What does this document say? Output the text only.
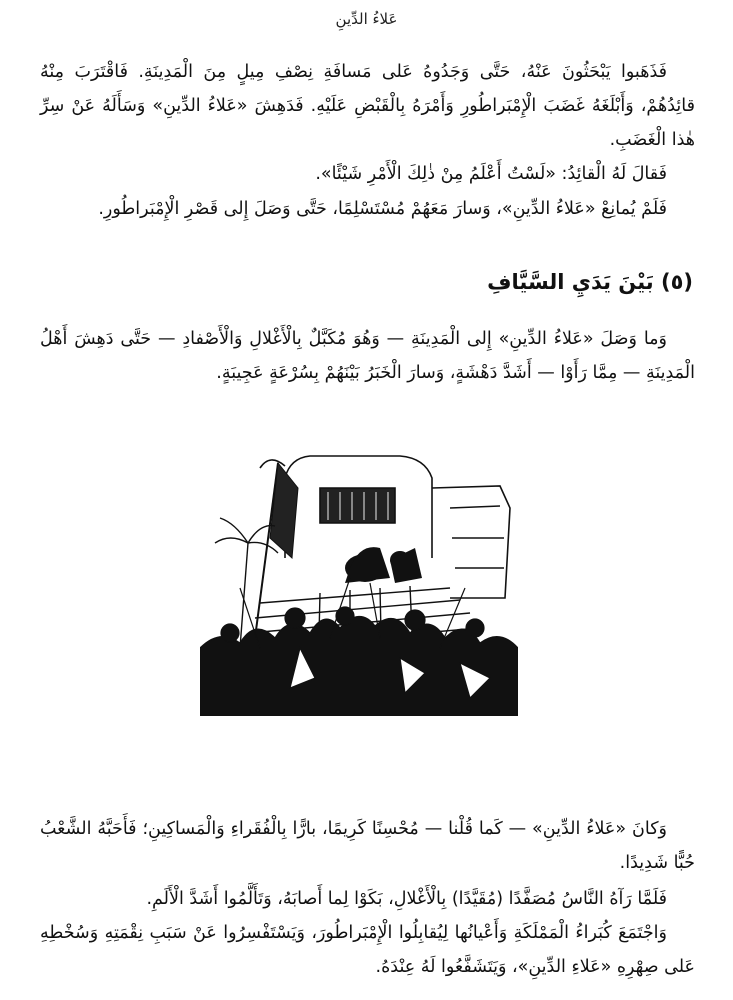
عَلاءُ الدِّينِ

فَذَهَبوا يَبْحَثُونَ عَنْهُ، حَتَّى وَجَدُوهُ عَلى مَسافَةِ نِصْفِ مِيلٍ مِنَ الْمَدِينَةِ. فَاقْتَرَبَ مِنْهُ قائِدُهُمْ، وَأَبْلَغَهُ غَضَبَ الْإِمْبَراطُورِ وَأَمْرَهُ بِالْقَبْضِ عَلَيْهِ. فَدَهِشَ «عَلاءُ الدِّينِ» وَسَأَلَهُ عَنْ سِرِّ هٰذا الْغَضَبِ.

فَقالَ لَهُ الْقائِدُ: «لَسْتُ أَعْلَمُ مِنْ ذٰلِكَ الْأَمْرِ شَيْئًا».

فَلَمْ يُمانِعْ «عَلاءُ الدِّينِ»، وَسارَ مَعَهُمْ مُسْتَسْلِمًا، حَتَّى وَصَلَ إِلى قَصْرِ الْإِمْبَراطُورِ.

(٥) بَيْنَ يَدَيِ السَّيَّافِ

وَما وَصَلَ «عَلاءُ الدِّينِ» إِلى الْمَدِينَةِ — وَهُوَ مُكَبَّلٌ بِالْأَغْلالِ وَالْأَصْفادِ — حَتَّى دَهِشَ أَهْلُ الْمَدِينَةِ — مِمَّا رَأَوْا — أَشَدَّ دَهْشَةٍ، وَسارَ الْخَبَرُ بَيْنَهُمْ بِسُرْعَةٍ عَجِيبَةٍ.

وَكانَ «عَلاءُ الدِّينِ» — كَما قُلْنا — مُحْسِنًا كَرِيمًا، بارًّا بِالْفُقَراءِ وَالْمَساكِينِ؛ فَأَحَبَّهُ الشَّعْبُ حُبًّا شَدِيدًا.

فَلَمَّا رَآهُ النَّاسُ مُصَفَّدًا (مُقَيَّدًا) بِالْأَغْلالِ، بَكَوْا لِما أَصابَهُ، وَتَأَلَّمُوا أَشَدَّ الْأَلَمِ.

وَاجْتَمَعَ كُبَراءُ الْمَمْلَكَةِ وَأَعْيانُها لِيُقابِلُوا الْإِمْبَراطُورَ، وَيَسْتَفْسِرُوا عَنْ سَبَبِ نِقْمَتِهِ وَسُخْطِهِ عَلى صِهْرِهِ «عَلاءِ الدِّينِ»، وَيَتَشَفَّعُوا لَهُ عِنْدَهُ.
